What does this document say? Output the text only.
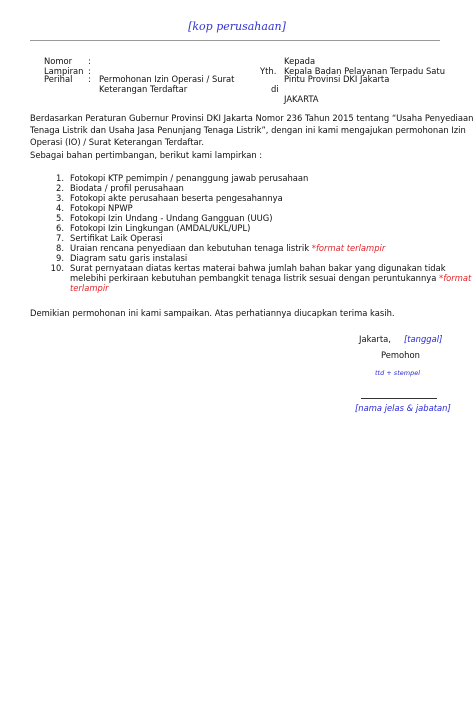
[kop perusahaan]
Nomor :
Lampiran :
Perihal : Permohonan Izin Operasi / Surat
Keterangan Terdaftar
Kepada
Yth. Kepala Badan Pelayanan Terpadu Satu
Pintu Provinsi DKI Jakarta
di
JAKARTA
Berdasarkan Peraturan Gubernur Provinsi DKI Jakarta Nomor 236 Tahun 2015 tentang “Usaha Penyediaan
Tenaga Listrik dan Usaha Jasa Penunjang Tenaga Listrik”, dengan ini kami mengajukan permohonan Izin
Operasi (IO) / Surat Keterangan Terdaftar.
Sebagai bahan pertimbangan, berikut kami lampirkan :
1. Fotokopi KTP pemimpin / penanggung jawab perusahaan
2. Biodata / profil perusahaan
3. Fotokopi akte perusahaan beserta pengesahannya
4. Fotokopi NPWP
5. Fotokopi Izin Undang - Undang Gangguan (UUG)
6. Fotokopi Izin Lingkungan (AMDAL/UKL/UPL)
7. Sertifikat Laik Operasi
8. Uraian rencana penyediaan dan kebutuhan tenaga listrik *format terlampir
9. Diagram satu garis instalasi
10. Surat pernyataan diatas kertas materai bahwa jumlah bahan bakar yang digunakan tidak
melebihi perkiraan kebutuhan pembangkit tenaga listrik sesuai dengan peruntukannya *format
terlampir
Demikian permohonan ini kami sampaikan. Atas perhatiannya diucapkan terima kasih.
Jakarta, [tanggal]
Pemohon
ttd + stempel
[nama jelas & jabatan]
